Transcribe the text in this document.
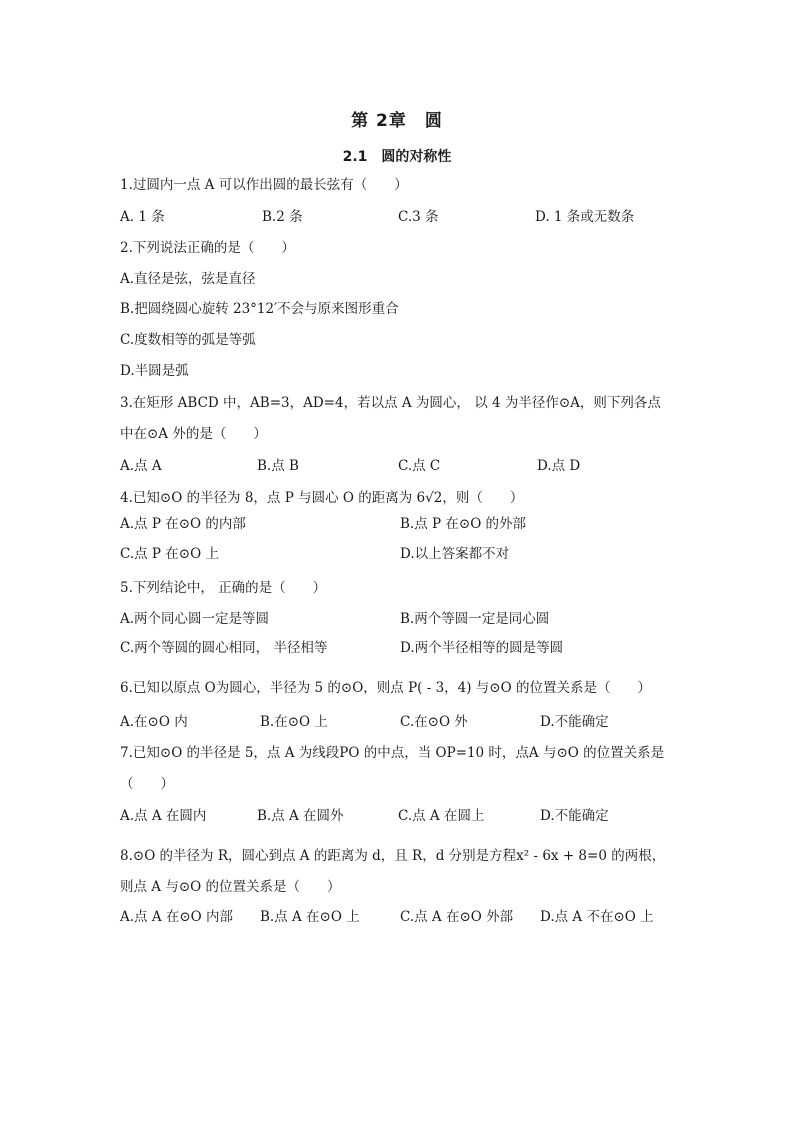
第 2章　圆
2.1　圆的对称性
1.过圆内一点 A 可以作出圆的最长弦有（　　）
A. 1 条	B.2 条	C.3 条	D. 1 条或无数条
2.下列说法正确的是（　　）
A.直径是弦，弦是直径
B.把圆绕圆心旋转 23°12′不会与原来图形重合
C.度数相等的弧是等弧
D.半圆是弧
3.在矩形 ABCD 中，AB=3，AD=4，若以点 A 为圆心， 以 4 为半径作⊙A，则下列各点
中在⊙A 外的是（　　）
A.点 A	B.点 B	C.点 C	D.点 D
4.已知⊙O 的半径为 8，点 P 与圆心 O 的距离为 6√2，则（　　）
A.点 P 在⊙O 的内部	B.点 P 在⊙O 的外部
C.点 P 在⊙O 上	D.以上答案都不对
5.下列结论中， 正确的是（　　）
A.两个同心圆一定是等圆	B.两个等圆一定是同心圆
C.两个等圆的圆心相同， 半径相等	D.两个半径相等的圆是等圆
6.已知以原点 O为圆心，半径为 5 的⊙O，则点 P( - 3，4) 与⊙O 的位置关系是（　　）
A.在⊙O 内	B.在⊙O 上	C.在⊙O 外	D.不能确定
7.已知⊙O 的半径是 5，点 A 为线段PO 的中点，当 OP=10 时，点A 与⊙O 的位置关系是
（　　）
A.点 A 在圆内	B.点 A 在圆外	C.点 A 在圆上	D.不能确定
8.⊙O 的半径为 R，圆心到点 A 的距离为 d，且 R，d 分别是方程x² - 6x + 8=0 的两根，
则点 A 与⊙O 的位置关系是（　　）
A.点 A 在⊙O 内部 B.点 A 在⊙O 上	C.点 A 在⊙O 外部 D.点 A 不在⊙O 上
